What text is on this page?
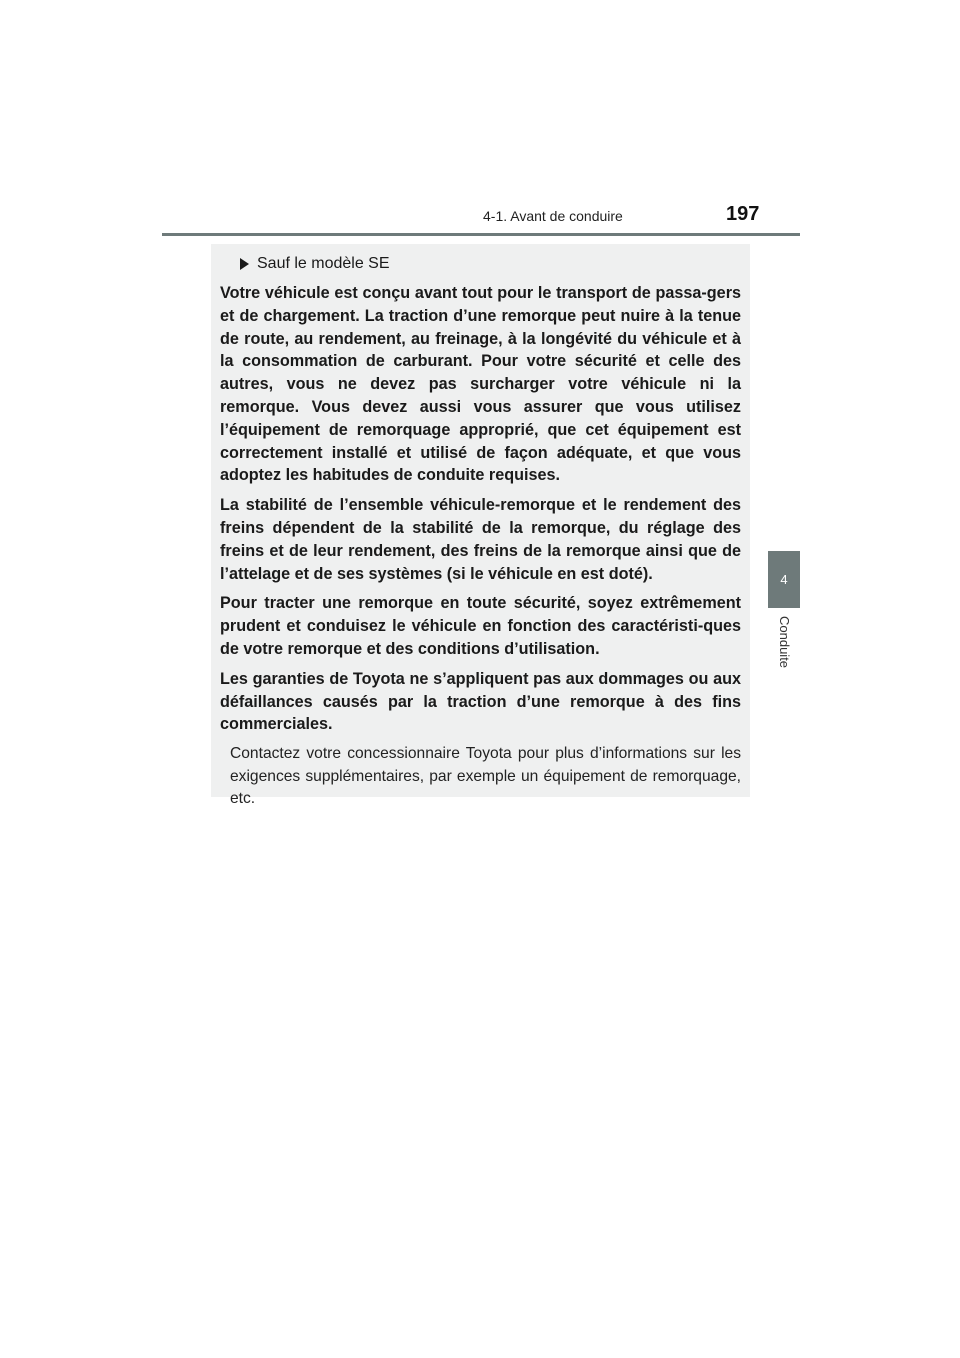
4-1. Avant de conduire	197
4
Conduite
Sauf le modèle SE

Votre véhicule est conçu avant tout pour le transport de passa-gers et de chargement. La traction d’une remorque peut nuire à la tenue de route, au rendement, au freinage, à la longévité du véhicule et à la consommation de carburant. Pour votre sécurité et celle des autres, vous ne devez pas surcharger votre véhicule ni la remorque. Vous devez aussi vous assurer que vous utilisez l’équipement de remorquage approprié, que cet équipement est correctement installé et utilisé de façon adéquate, et que vous adoptez les habitudes de conduite requises.

La stabilité de l’ensemble véhicule-remorque et le rendement des freins dépendent de la stabilité de la remorque, du réglage des freins et de leur rendement, des freins de la remorque ainsi que de l’attelage et de ses systèmes (si le véhicule en est doté).

Pour tracter une remorque en toute sécurité, soyez extrêmement prudent et conduisez le véhicule en fonction des caractéristi-ques de votre remorque et des conditions d’utilisation.

Les garanties de Toyota ne s’appliquent pas aux dommages ou aux défaillances causés par la traction d’une remorque à des fins commerciales.

Contactez votre concessionnaire Toyota pour plus d’informations sur les exigences supplémentaires, par exemple un équipement de remorquage, etc.
